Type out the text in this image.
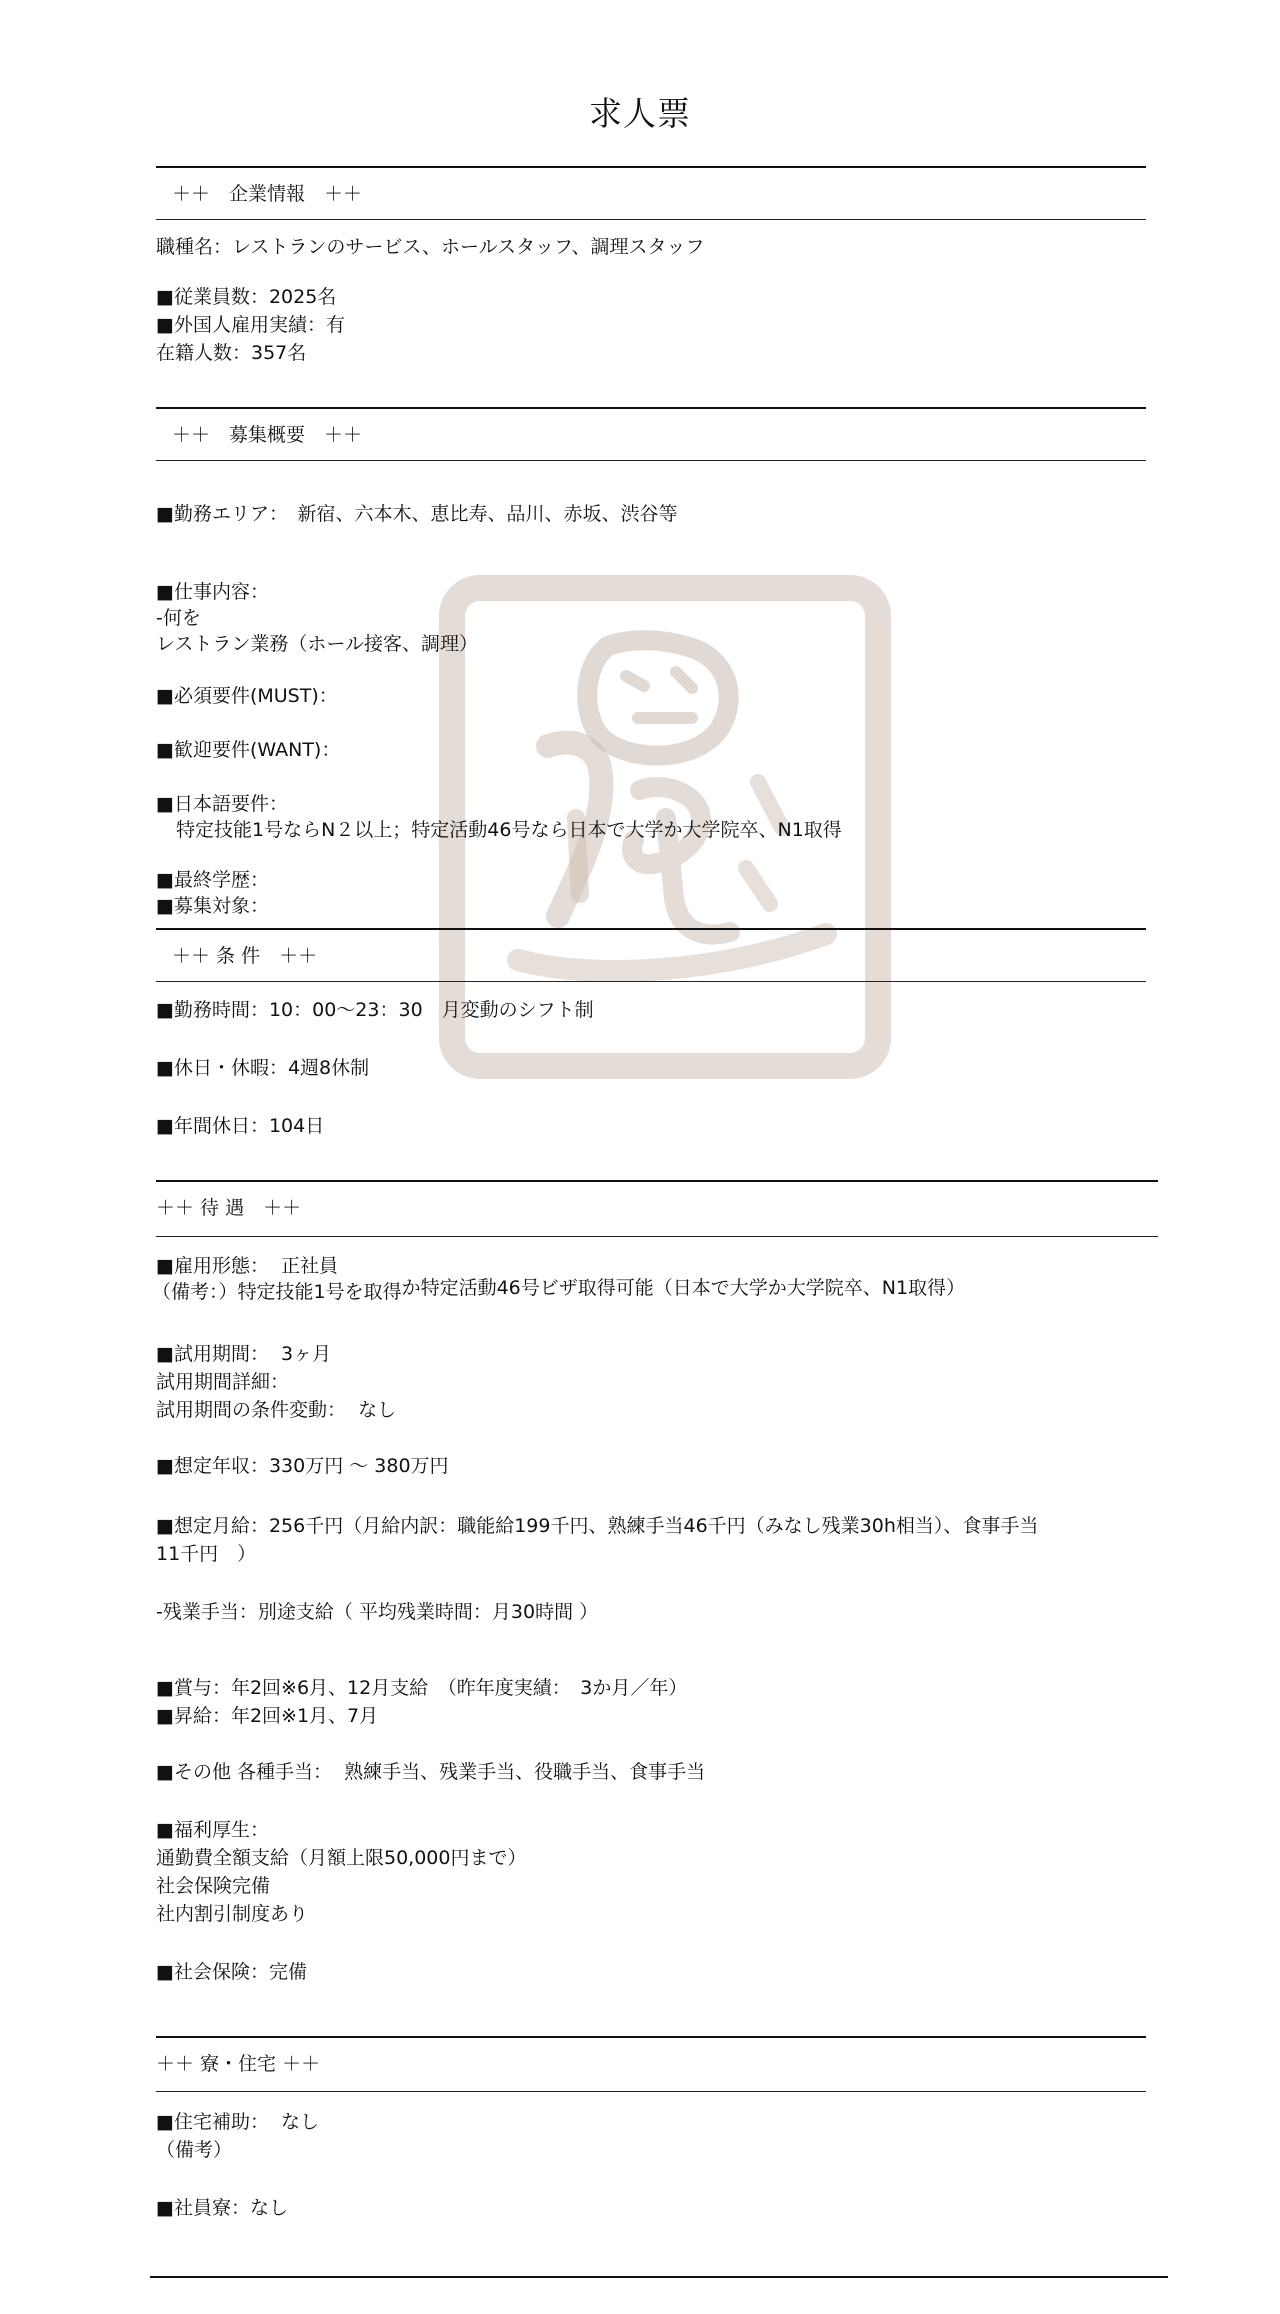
求人票
＋＋　企業情報　＋＋
職種名：レストランのサービス、ホールスタッフ、調理スタッフ
■従業員数：2025名
■外国人雇用実績：有
在籍人数：357名
＋＋　募集概要　＋＋
■勤務エリア：　新宿、六本木、恵比寿、品川、赤坂、渋谷等
■仕事内容：
-何を
レストラン業務（ホール接客、調理）
■必須要件(MUST)：
■歓迎要件(WANT)：
■日本語要件：
特定技能1号ならN２以上；特定活動46号なら日本で大学か大学院卒、N1取得
■最終学歴：
■募集対象：
＋＋ 条 件　＋＋
■勤務時間：10：00～23：30　月変動のシフト制
■休日・休暇：4週8休制
■年間休日：104日
＋＋ 待 遇　＋＋
■雇用形態：  正社員
（備考：）特定技能1号を取得か特定活動46号ビザ取得可能（日本で大学か大学院卒、N1取得）
■試用期間：  3ヶ月
試用期間詳細：
試用期間の条件変動：  なし
■想定年収：330万円 ～ 380万円
■想定月給：256千円（月給内訳：職能給199千円、熟練手当46千円（みなし残業30h相当）、食事手当
11千円　）
-残業手当：別途支給（ 平均残業時間：月30時間 ）
■賞与：年2回※6月、12月支給　（昨年度実績：　3か月／年）
■昇給：年2回※1月、7月
■その他 各種手当：  熟練手当、残業手当、役職手当、食事手当
■福利厚生：
通勤費全額支給（月額上限50,000円まで）
社会保険完備
社内割引制度あり
■社会保険：完備
＋＋ 寮・住宅 ＋＋
■住宅補助：  なし
（備考）
■社員寮：なし
